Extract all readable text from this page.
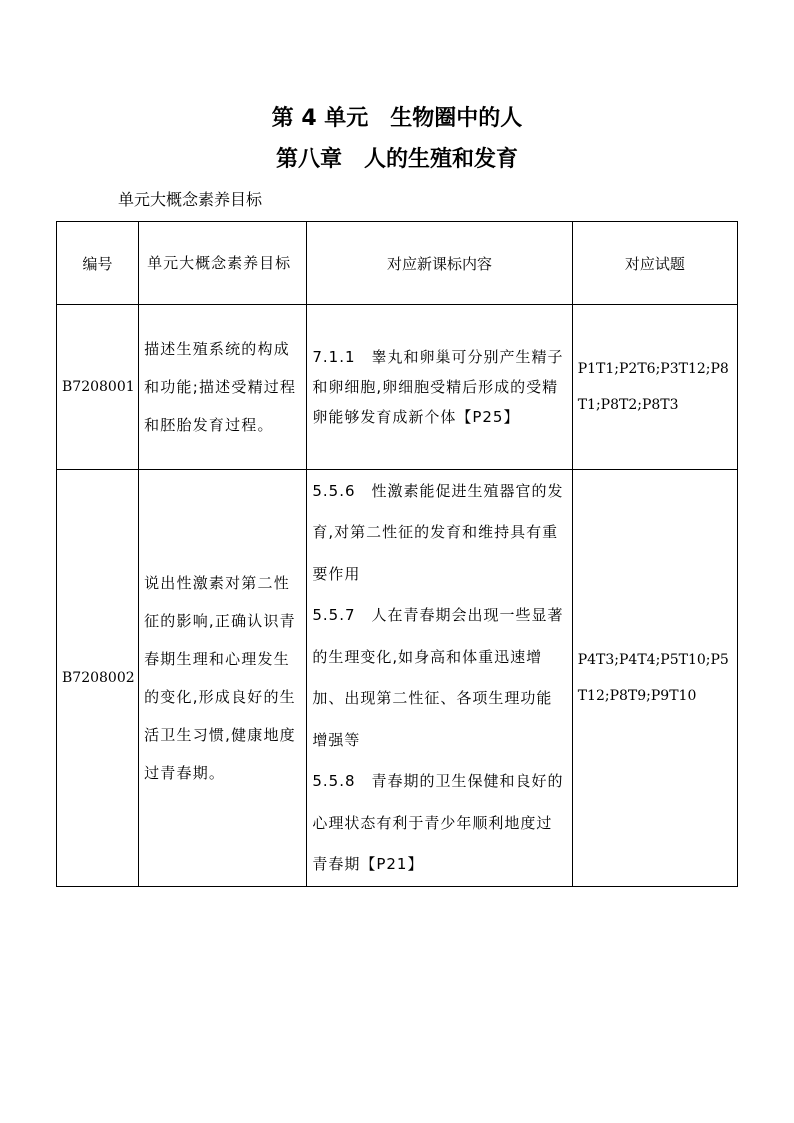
第 4 单元　生物圈中的人
第八章　人的生殖和发育
单元大概念素养目标
编号	单元大概念素养目标	对应新课标内容	对应试题

B7208001	描述生殖系统的构成和功能;描述受精过程和胚胎发育过程。	7.1.1　睾丸和卵巢可分别产生精子和卵细胞,卵细胞受精后形成的受精卵能够发育成新个体【P25】	P1T1;P2T6;P3T12;P8T1;P8T2;P8T3

B7208002	说出性激素对第二性征的影响,正确认识青春期生理和心理发生的变化,形成良好的生活卫生习惯,健康地度过青春期。	5.5.6　性激素能促进生殖器官的发育,对第二性征的发育和维持具有重要作用
5.5.7　人在青春期会出现一些显著的生理变化,如身高和体重迅速增加、出现第二性征、各项生理功能增强等
5.5.8　青春期的卫生保健和良好的心理状态有利于青少年顺利地度过青春期【P21】	P4T3;P4T4;P5T10;P5T12;P8T9;P9T10
